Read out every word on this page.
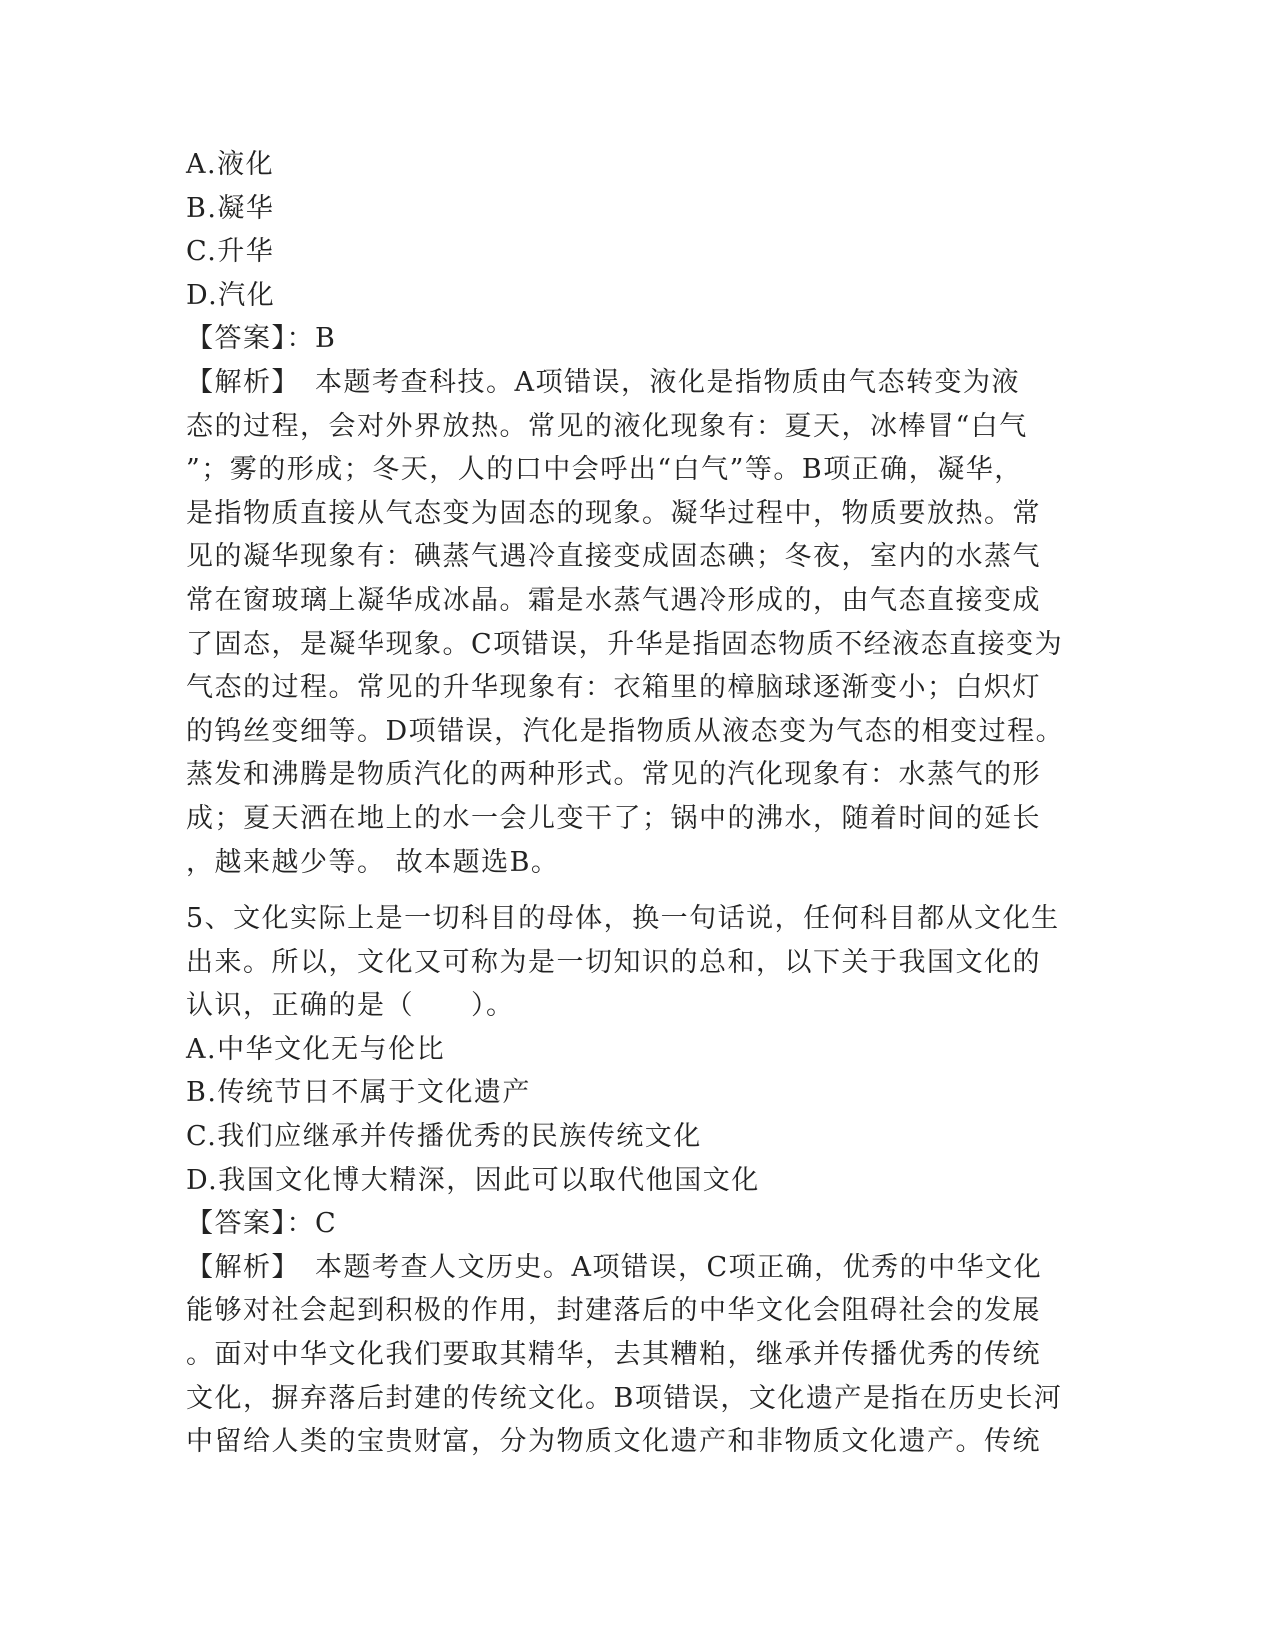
A.液化
B.凝华
C.升华
D.汽化
【答案】：B
【解析】　本题考查科技。A项错误，液化是指物质由气态转变为液
态的过程，会对外界放热。常见的液化现象有：夏天，冰棒冒“白气
”；雾的形成；冬天，人的口中会呼出“白气”等。B项正确，凝华，
是指物质直接从气态变为固态的现象。凝华过程中，物质要放热。常
见的凝华现象有：碘蒸气遇冷直接变成固态碘；冬夜，室内的水蒸气
常在窗玻璃上凝华成冰晶。霜是水蒸气遇冷形成的，由气态直接变成
了固态，是凝华现象。C项错误，升华是指固态物质不经液态直接变为
气态的过程。常见的升华现象有：衣箱里的樟脑球逐渐变小；白炽灯
的钨丝变细等。D项错误，汽化是指物质从液态变为气态的相变过程。
蒸发和沸腾是物质汽化的两种形式。常见的汽化现象有：水蒸气的形
成；夏天洒在地上的水一会儿变干了；锅中的沸水，随着时间的延长
，越来越少等。 故本题选B。
5、文化实际上是一切科目的母体，换一句话说，任何科目都从文化生
出来。所以，文化又可称为是一切知识的总和，以下关于我国文化的
认识，正确的是（　　）。
A.中华文化无与伦比
B.传统节日不属于文化遗产
C.我们应继承并传播优秀的民族传统文化
D.我国文化博大精深，因此可以取代他国文化
【答案】：C
【解析】　本题考查人文历史。A项错误，C项正确，优秀的中华文化
能够对社会起到积极的作用，封建落后的中华文化会阻碍社会的发展
。面对中华文化我们要取其精华，去其糟粕，继承并传播优秀的传统
文化，摒弃落后封建的传统文化。B项错误，文化遗产是指在历史长河
中留给人类的宝贵财富，分为物质文化遗产和非物质文化遗产。传统
